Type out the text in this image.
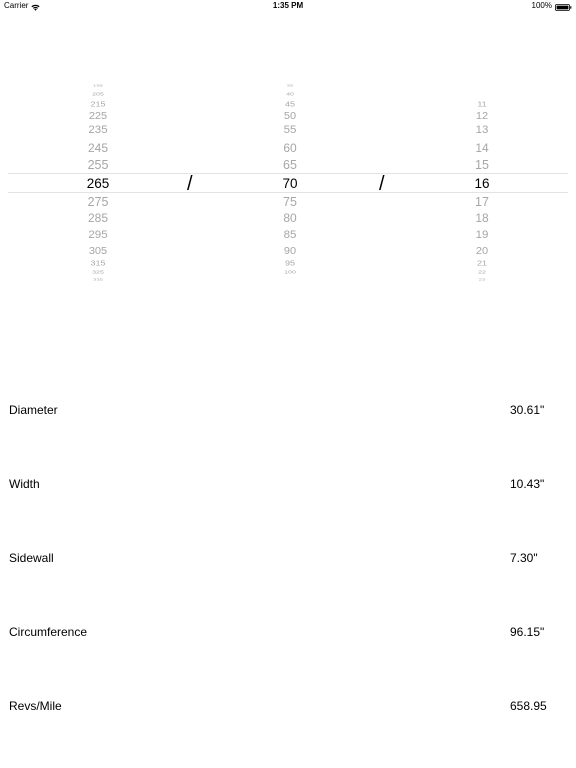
Carrier	1:35 PM	100%
195
205
215
225
235
245
255
265
275
285
295
305
315
325
335
/
35
40
45
50
55
60
65
70
75
80
85
90
95
100
/
11
12
13
14
15
16
17
18
19
20
21
22
23
Diameter	30.61"
Width	10.43"
Sidewall	7.30"
Circumference	96.15"
Revs/Mile	658.95
